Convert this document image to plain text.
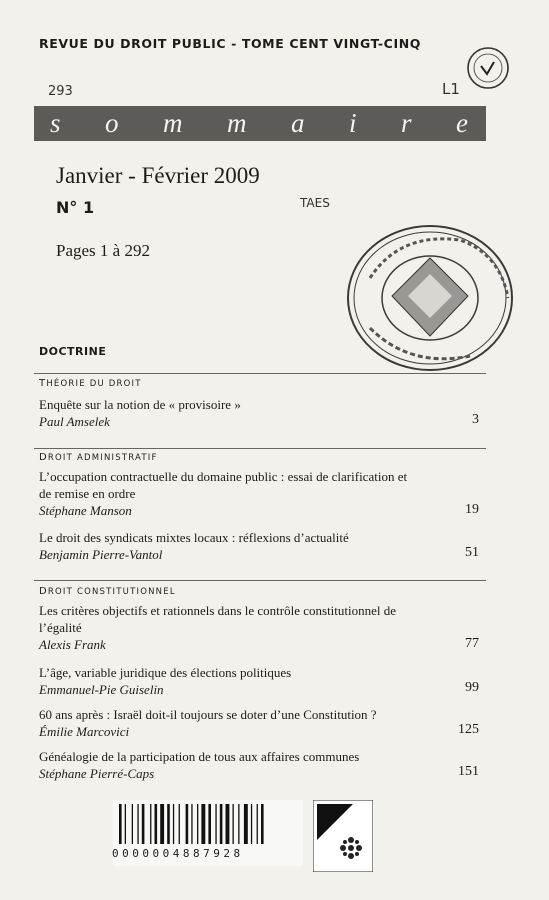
REVUE DU DROIT PUBLIC - TOME CENT VINGT-CINQ
293	L1
TAES
s o m m a i r e
Janvier - Février 2009
N° 1
Pages 1 à 292
DOCTRINE
THÉORIE DU DROIT
Enquête sur la notion de « provisoire »
Paul Amselek	3
DROIT ADMINISTRATIF
L’occupation contractuelle du domaine public : essai de clarification et de remise en ordre
Stéphane Manson	19
Le droit des syndicats mixtes locaux : réflexions d’actualité
Benjamin Pierre-Vantol	51
DROIT CONSTITUTIONNEL
Les critères objectifs et rationnels dans le contrôle constitutionnel de l’égalité
Alexis Frank	77
L’âge, variable juridique des élections politiques
Emmanuel-Pie Guiselin	99
60 ans après : Israël doit-il toujours se doter d’une Constitution ?
Émilie Marcovici	125
Généalogie de la participation de tous aux affaires communes
Stéphane Pierré-Caps	151
0000004887928
